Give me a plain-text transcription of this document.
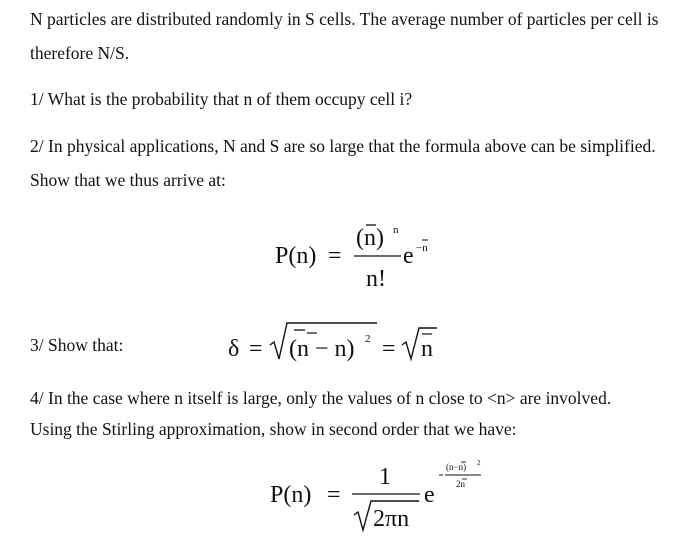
N particles are distributed randomly in S cells. The average number of particles per cell is

therefore N/S.

1/ What is the probability that n of them occupy cell i?

2/ In physical applications, N and S are so large that the formula above can be simplified.

Show that we thus arrive at:

P(n) =
(n) n
n!
e −n

3/ Show that:	δ = (n − n) 2 = n

4/ In the case where n itself is large, only the values of n close to <n> are involved.

Using the Stirling approximation, show in second order that we have:

P(n) =
1
2πn
e
(n−n) 2
2n
